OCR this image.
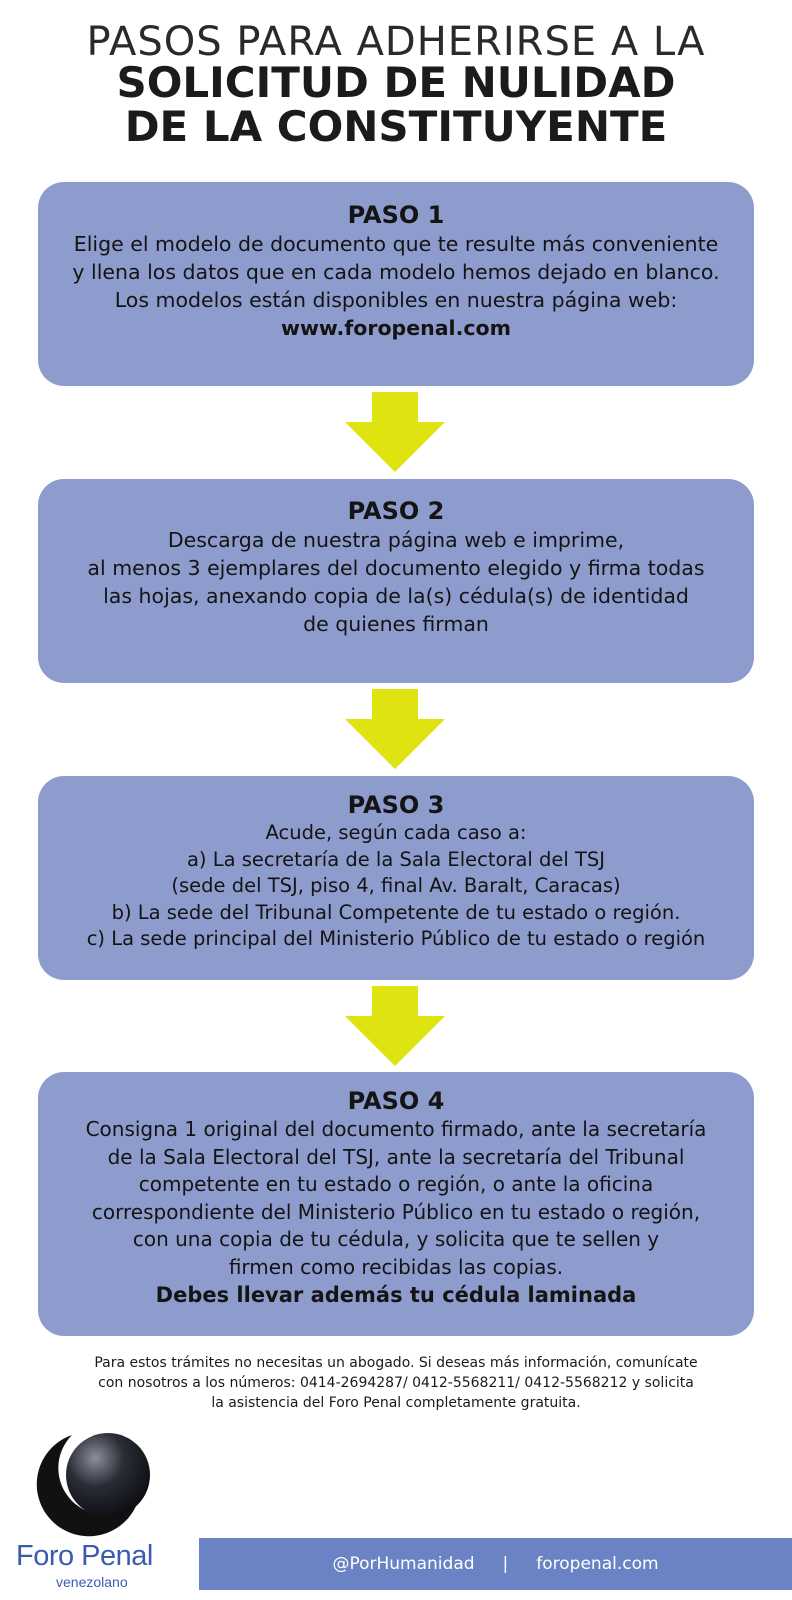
PASOS PARA ADHERIRSE A LA
SOLICITUD DE NULIDAD
DE LA CONSTITUYENTE
PASO 1
Elige el modelo de documento que te resulte más conveniente
y llena los datos que en cada modelo hemos dejado en blanco.
Los modelos están disponibles en nuestra página web:
www.foropenal.com
PASO 2
Descarga de nuestra página web e imprime,
al menos 3 ejemplares del documento elegido y firma todas
las hojas, anexando copia de la(s) cédula(s) de identidad
de quienes firman
PASO 3
Acude, según cada caso a:
a) La secretaría de la Sala Electoral del TSJ
(sede del TSJ, piso 4, final Av. Baralt, Caracas)
b) La sede del Tribunal Competente de tu estado o región.
c) La sede principal del Ministerio Público de tu estado o región
PASO 4
Consigna 1 original del documento firmado, ante la secretaría
de la Sala Electoral del TSJ, ante la secretaría del Tribunal
competente en tu estado o región, o ante la oficina
correspondiente del Ministerio Público en tu estado o región,
con una copia de tu cédula, y solicita que te sellen y
firmen como recibidas las copias.
Debes llevar además tu cédula laminada
Para estos trámites no necesitas un abogado. Si deseas más información, comunícate
con nosotros a los números: 0414-2694287/ 0412-5568211/ 0412-5568212 y solicita
la asistencia del Foro Penal completamente gratuita.
Foro Penal
venezolano
@PorHumanidad | foropenal.com
